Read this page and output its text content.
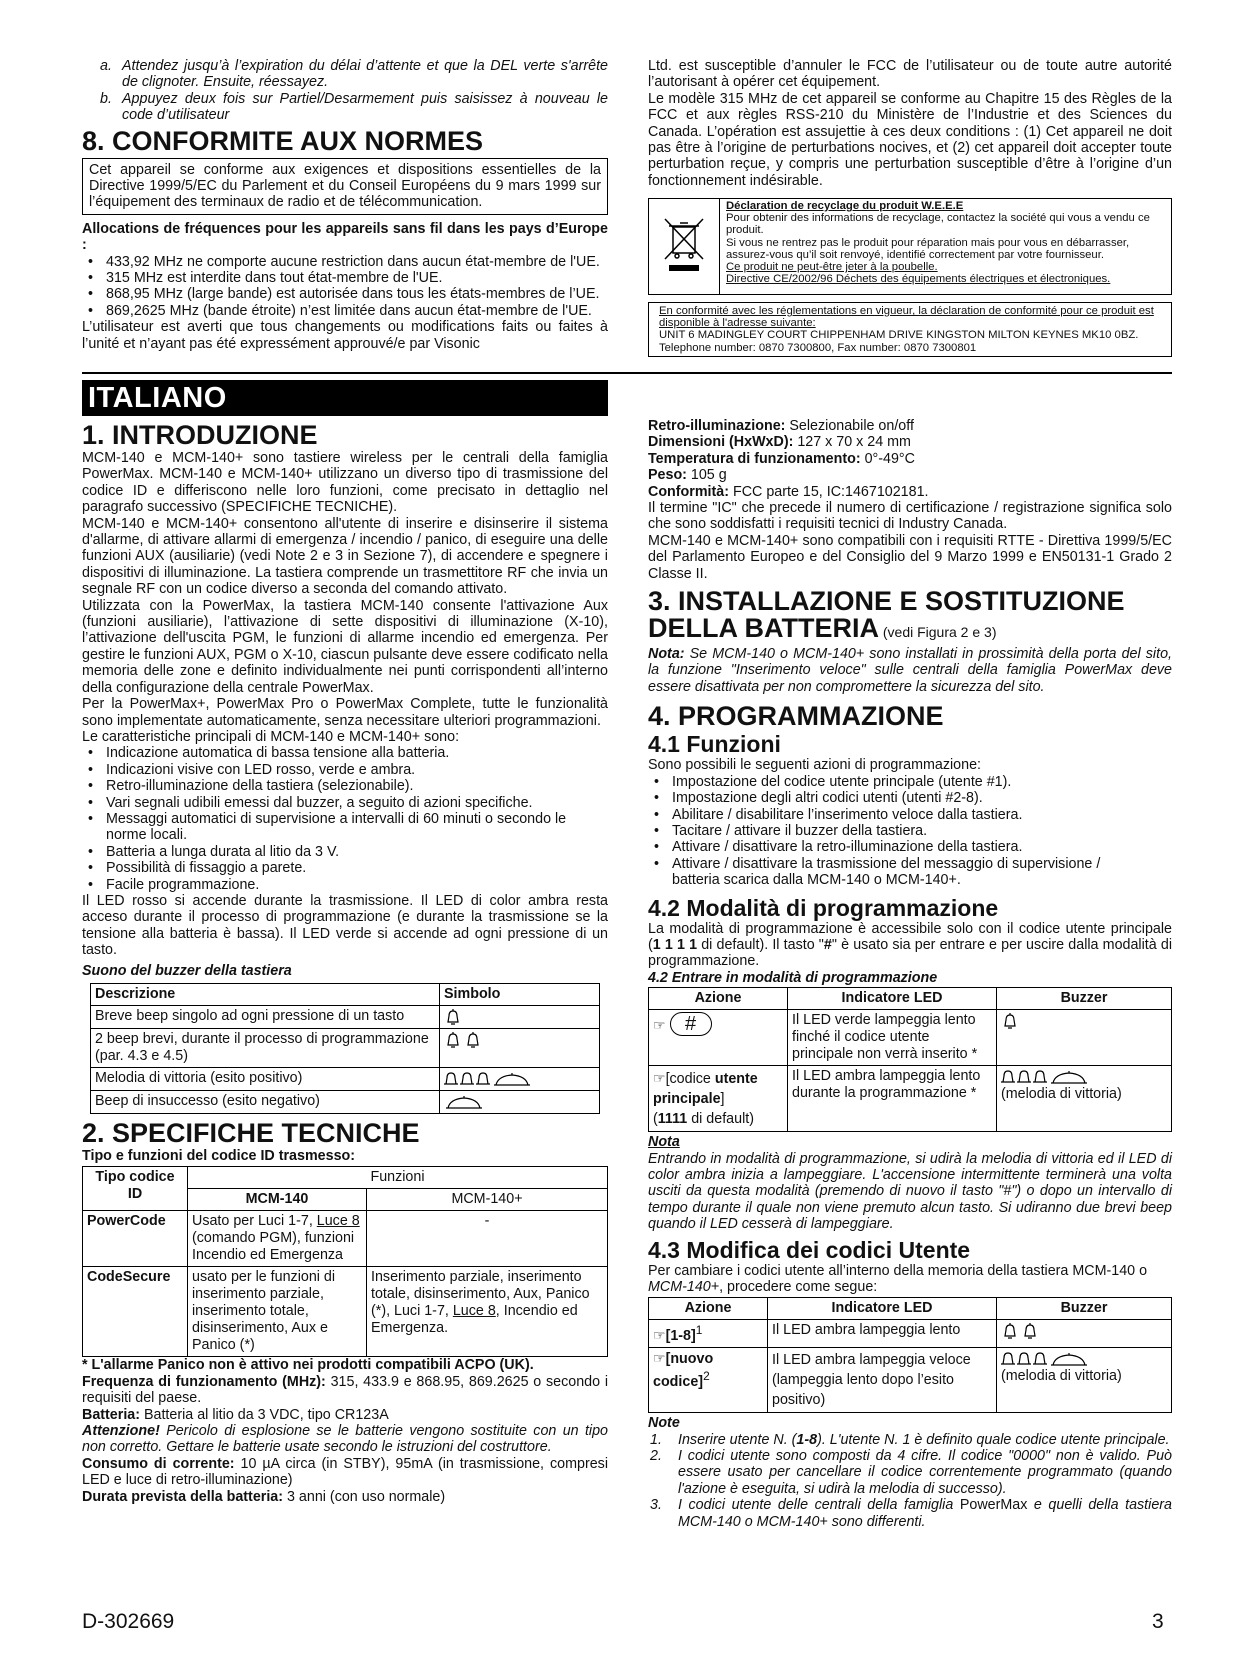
a. Attendez jusqu’à l’expiration du délai d’attente et que la DEL verte s'arrête de clignoter. Ensuite, réessayez.
b. Appuyez deux fois sur Partiel/Desarmement puis saisissez à nouveau le code d’utilisateur
8. CONFORMITE AUX NORMES
Cet appareil se conforme aux exigences et dispositions essentielles de la Directive 1999/5/EC du Parlement et du Conseil Européens du 9 mars 1999 sur l’équipement des terminaux de radio et de télécommunication.

Allocations de fréquences pour les appareils sans fil dans les pays d’Europe :

• 433,92 MHz ne comporte aucune restriction dans aucun état-membre de l'UE.
• 315 MHz est interdite dans tout état-membre de l'UE.
• 868,95 MHz (large bande) est autorisée dans tous les états-membres de l’UE.
• 869,2625 MHz (bande étroite) n’est limitée dans aucun état-membre de l'UE.

L’utilisateur est averti que tous changements ou modifications faits ou faites à l’unité et n’ayant pas été expressément approuvé/e par Visonic

Ltd. est susceptible d’annuler le FCC de l’utilisateur ou de toute autre autorité l’autorisant à opérer cet équipement.

Le modèle 315 MHz de cet appareil se conforme au Chapitre 15 des Règles de la FCC et aux règles RSS-210 du Ministère de l’Industrie et des Sciences du Canada. L’opération est assujettie à ces deux conditions : (1) Cet appareil ne doit pas être à l’origine de perturbations nocives, et (2) cet appareil doit accepter toute perturbation reçue, y compris une perturbation susceptible d’être à l’origine d’un fonctionnement indésirable.

Déclaration de recyclage du produit W.E.E.E
Pour obtenir des informations de recyclage, contactez la société qui vous a vendu ce produit.
Si vous ne rentrez pas le produit pour réparation mais pour vous en débarrasser, assurez-vous qu’il soit renvoyé, identifié correctement par votre fournisseur.
Ce produit ne peut-être jeter à la poubelle.
Directive CE/2002/96 Déchets des équipements électriques et électroniques.
En conformité avec les réglementations en vigueur, la déclaration de conformité pour ce produit est disponible à l'adresse suivante:
UNIT 6 MADINGLEY COURT CHIPPENHAM DRIVE KINGSTON MILTON KEYNES MK10 0BZ. Telephone number: 0870 7300800, Fax number: 0870 7300801
ITALIANO
1. INTRODUZIONE

MCM-140 e MCM-140+ sono tastiere wireless per le centrali della famiglia PowerMax. MCM-140 e MCM-140+ utilizzano un diverso tipo di trasmissione del codice ID e differiscono nelle loro funzioni, come precisato in dettaglio nel paragrafo successivo (SPECIFICHE TECNICHE).

MCM-140 e MCM-140+ consentono all'utente di inserire e disinserire il sistema d'allarme, di attivare allarmi di emergenza / incendio / panico, di eseguire una delle funzioni AUX (ausiliarie) (vedi Note 2 e 3 in Sezione 7), di accendere e spegnere i dispositivi di illuminazione. La tastiera comprende un trasmettitore RF che invia un segnale RF con un codice diverso a seconda del comando attivato.

Utilizzata con la PowerMax, la tastiera MCM-140 consente l'attivazione Aux (funzioni ausiliarie), l’attivazione di sette dispositivi di illuminazione (X-10), l’attivazione dell'uscita PGM, le funzioni di allarme incendio ed emergenza. Per gestire le funzioni AUX, PGM o X-10, ciascun pulsante deve essere codificato nella memoria delle zone e definito individualmente nei punti corrispondenti all’interno della configurazione della centrale PowerMax.

Per la PowerMax+, PowerMax Pro o PowerMax Complete, tutte le funzionalità sono implementate automaticamente, senza necessitare ulteriori programmazioni.

Le caratteristiche principali di MCM-140 e MCM-140+ sono:

• Indicazione automatica di bassa tensione alla batteria.
• Indicazioni visive con LED rosso, verde e ambra.
• Retro-illuminazione della tastiera (selezionabile).
• Vari segnali udibili emessi dal buzzer, a seguito di azioni specifiche.
• Messaggi automatici di supervisione a intervalli di 60 minuti o secondo le norme locali.
• Batteria a lunga durata al litio da 3 V.
• Possibilità di fissaggio a parete.
• Facile programmazione.

Il LED rosso si accende durante la trasmissione. Il LED di color ambra resta acceso durante il processo di programmazione (e durante la trasmissione se la tensione alla batteria è bassa). Il LED verde si accende ad ogni pressione di un tasto.

Suono del buzzer della tastiera

Descrizione	Simbolo
Breve beep singolo ad ogni pressione di un tasto	
2 beep brevi, durante il processo di programmazione (par. 4.3 e 4.5)	
Melodia di vittoria (esito positivo)	
Beep di insuccesso (esito negativo)	
2. SPECIFICHE TECNICHE

Tipo e funzioni del codice ID trasmesso:

Tipo codice ID	Funzioni	
	MCM-140	MCM-140+
PowerCode	Usato per Luci 1-7, Luce 8 (comando PGM), funzioni Incendio ed Emergenza	-
CodeSecure	usato per le funzioni di inserimento parziale, inserimento totale, disinserimento, Aux e Panico (*)	Inserimento parziale, inserimento totale, disinserimento, Aux, Panico (*), Luci 1-7, Luce 8, Incendio ed Emergenza.

* L'allarme Panico non è attivo nei prodotti compatibili ACPO (UK).

Frequenza di funzionamento (MHz): 315, 433.9 e 868.95, 869.2625 o secondo i requisiti del paese.

Batteria: Batteria al litio da 3 VDC, tipo CR123A

Attenzione! Pericolo di esplosione se le batterie vengono sostituite con un tipo non corretto. Gettare le batterie usate secondo le istruzioni del costruttore.

Consumo di corrente: 10 µA circa (in STBY), 95mA (in trasmissione, compresi LED e luce di retro-illuminazione)

Durata prevista della batteria: 3 anni (con uso normale)

Retro-illuminazione: Selezionabile on/off

Dimensioni (HxWxD): 127 x 70 x 24 mm

Temperatura di funzionamento: 0°-49°C

Peso: 105 g

Conformità: FCC parte 15, IC:1467102181.

Il termine "IC" che precede il numero di certificazione / registrazione significa solo che sono soddisfatti i requisiti tecnici di Industry Canada.

MCM-140 e MCM-140+ sono compatibili con i requisiti RTTE - Direttiva 1999/5/EC del Parlamento Europeo e del Consiglio del 9 Marzo 1999 e EN50131-1 Grado 2 Classe II.

3. INSTALLAZIONE E SOSTITUZIONE
DELLA BATTERIA (vedi Figura 2 e 3)

Nota: Se MCM-140 o MCM-140+ sono installati in prossimità della porta del sito, la funzione "Inserimento veloce" sulle centrali della famiglia PowerMax deve essere disattivata per non compromettere la sicurezza del sito.

4. PROGRAMMAZIONE
4.1 Funzioni

Sono possibili le seguenti azioni di programmazione:

• Impostazione del codice utente principale (utente #1).
• Impostazione degli altri codici utenti (utenti #2-8).
• Abilitare / disabilitare l’inserimento veloce dalla tastiera.
• Tacitare / attivare il buzzer della tastiera.
• Attivare / disattivare la retro-illuminazione della tastiera.
• Attivare / disattivare la trasmissione del messaggio di supervisione / batteria scarica dalla MCM-140 o MCM-140+.
4.2 Modalità di programmazione

La modalità di programmazione è accessibile solo con il codice utente principale (1 1 1 1 di default). Il tasto "#" è usato sia per entrare e per uscire dalla modalità di programmazione.

4.2 Entrare in modalità di programmazione

Azione	Indicatore LED	Buzzer
☞ #	Il LED verde lampeggia lento finché il codice utente principale non verrà inserito *	
☞[codice utente principale]
(1111 di default)	Il LED ambra lampeggia lento durante la programmazione *	(melodia di vittoria)

Nota

Entrando in modalità di programmazione, si udirà la melodia di vittoria ed il LED di color ambra inizia a lampeggiare. L'accensione intermittente terminerà una volta usciti da questa modalità (premendo di nuovo il tasto "#") o dopo un intervallo di tempo durante il quale non viene premuto alcun tasto. Si udiranno due brevi beep quando il LED cesserà di lampeggiare.

4.3 Modifica dei codici Utente

Per cambiare i codici utente all’interno della memoria della tastiera MCM-140 o MCM-140+, procedere come segue:

Azione	Indicatore LED	Buzzer
$☞[1-8]^1$	Il LED ambra lampeggia lento	
☞[nuovo codice]$^2$	Il LED ambra lampeggia veloce (lampeggia lento dopo l’esito positivo)	(melodia di vittoria)

Note

1. Inserire utente N. (1-8). L'utente N. 1 è definito quale codice utente principale.
2. I codici utente sono composti da 4 cifre. Il codice "0000" non è valido. Può essere usato per cancellare il codice correntemente programmato (quando l'azione è eseguita, si udirà la melodia di successo).
3. I codici utente delle centrali della famiglia PowerMax e quelli della tastiera MCM-140 o MCM-140+ sono differenti.
D-302669	3
